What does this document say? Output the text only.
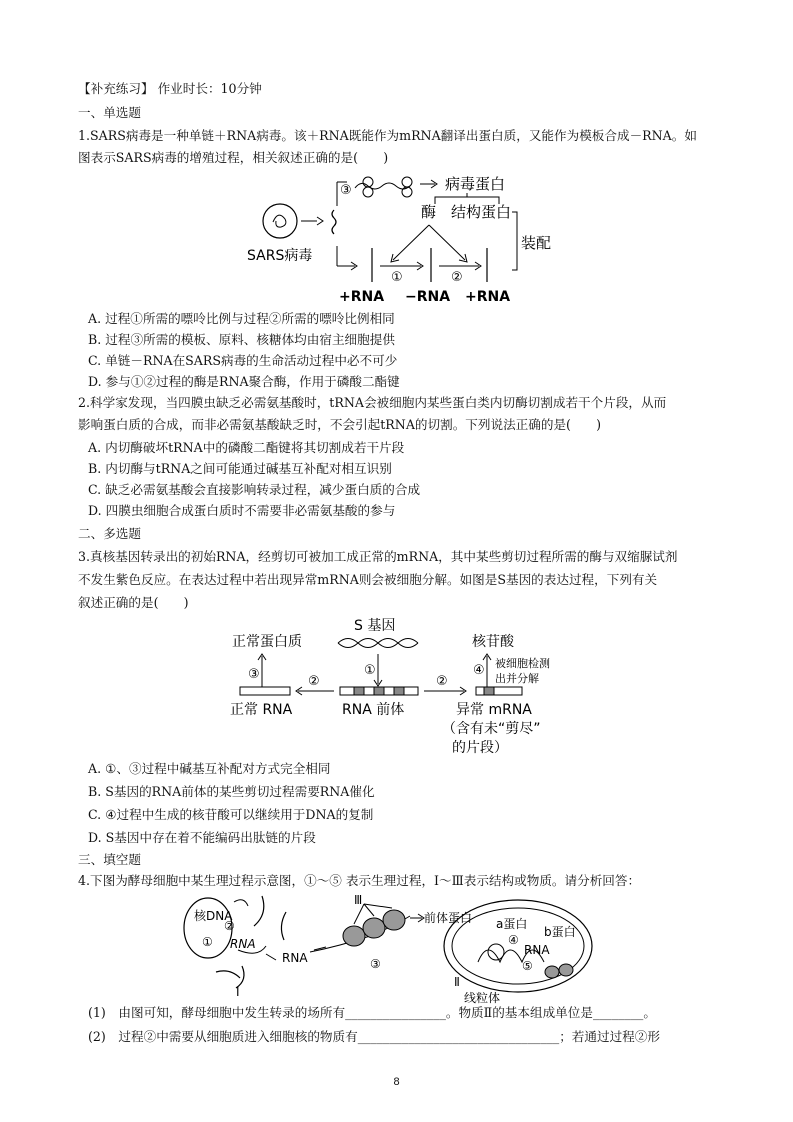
【补充练习】 作业时长：10分钟
一、单选题
1.SARS病毒是一种单链＋RNA病毒。该＋RNA既能作为mRNA翻译出蛋白质，又能作为模板合成－RNA。如
图表示SARS病毒的增殖过程，相关叙述正确的是(　　)
SARS病毒
③	病毒蛋白
酶 结构蛋白
装配
①	②
+RNA −RNA +RNA
A. 过程①所需的嘌呤比例与过程②所需的嘌呤比例相同
B. 过程③所需的模板、原料、核糖体均由宿主细胞提供
C. 单链－RNA在SARS病毒的生命活动过程中必不可少
D. 参与①②过程的酶是RNA聚合酶，作用于磷酸二酯键
2.科学家发现，当四膜虫缺乏必需氨基酸时，tRNA会被细胞内某些蛋白类内切酶切割成若干个片段，从而
影响蛋白质的合成，而非必需氨基酸缺乏时，不会引起tRNA的切割。下列说法正确的是(　　)
A. 内切酶破坏tRNA中的磷酸二酯键将其切割成若干片段
B. 内切酶与tRNA之间可能通过碱基互补配对相互识别
C. 缺乏必需氨基酸会直接影响转录过程，减少蛋白质的合成
D. 四膜虫细胞合成蛋白质时不需要非必需氨基酸的参与
二、多选题
3.真核基因转录出的初始RNA，经剪切可被加工成正常的mRNA，其中某些剪切过程所需的酶与双缩脲试剂
不发生紫色反应。在表达过程中若出现异常mRNA则会被细胞分解。如图是S基因的表达过程，下列有关
叙述正确的是(　　)
S 基因
正常蛋白质	核苷酸
③	①	④ 被细胞检测
出并分解
②	②
正常 RNA	RNA 前体	异常 mRNA
（含有未“剪尽”
的片段）
A. ①、③过程中碱基互补配对方式完全相同
B. S基因的RNA前体的某些剪切过程需要RNA催化
C. ④过程中生成的核苷酸可以继续用于DNA的复制
D. S基因中存在着不能编码出肽链的片段
三、填空题
4.下图为酵母细胞中某生理过程示意图，①～⑤ 表示生理过程，Ⅰ～Ⅲ表示结构或物质。请分析回答：
核DNA
①
②
RNA
RNA
Ⅰ
Ⅲ
③
前体蛋白 a蛋白
b蛋白
④
RNA
⑤
Ⅱ
线粒体
(1)　由图可知，酵母细胞中发生转录的场所有________________。物质Ⅱ的基本组成单位是________。
(2)　过程②中需要从细胞质进入细胞核的物质有________________________________；若通过过程②形
8
